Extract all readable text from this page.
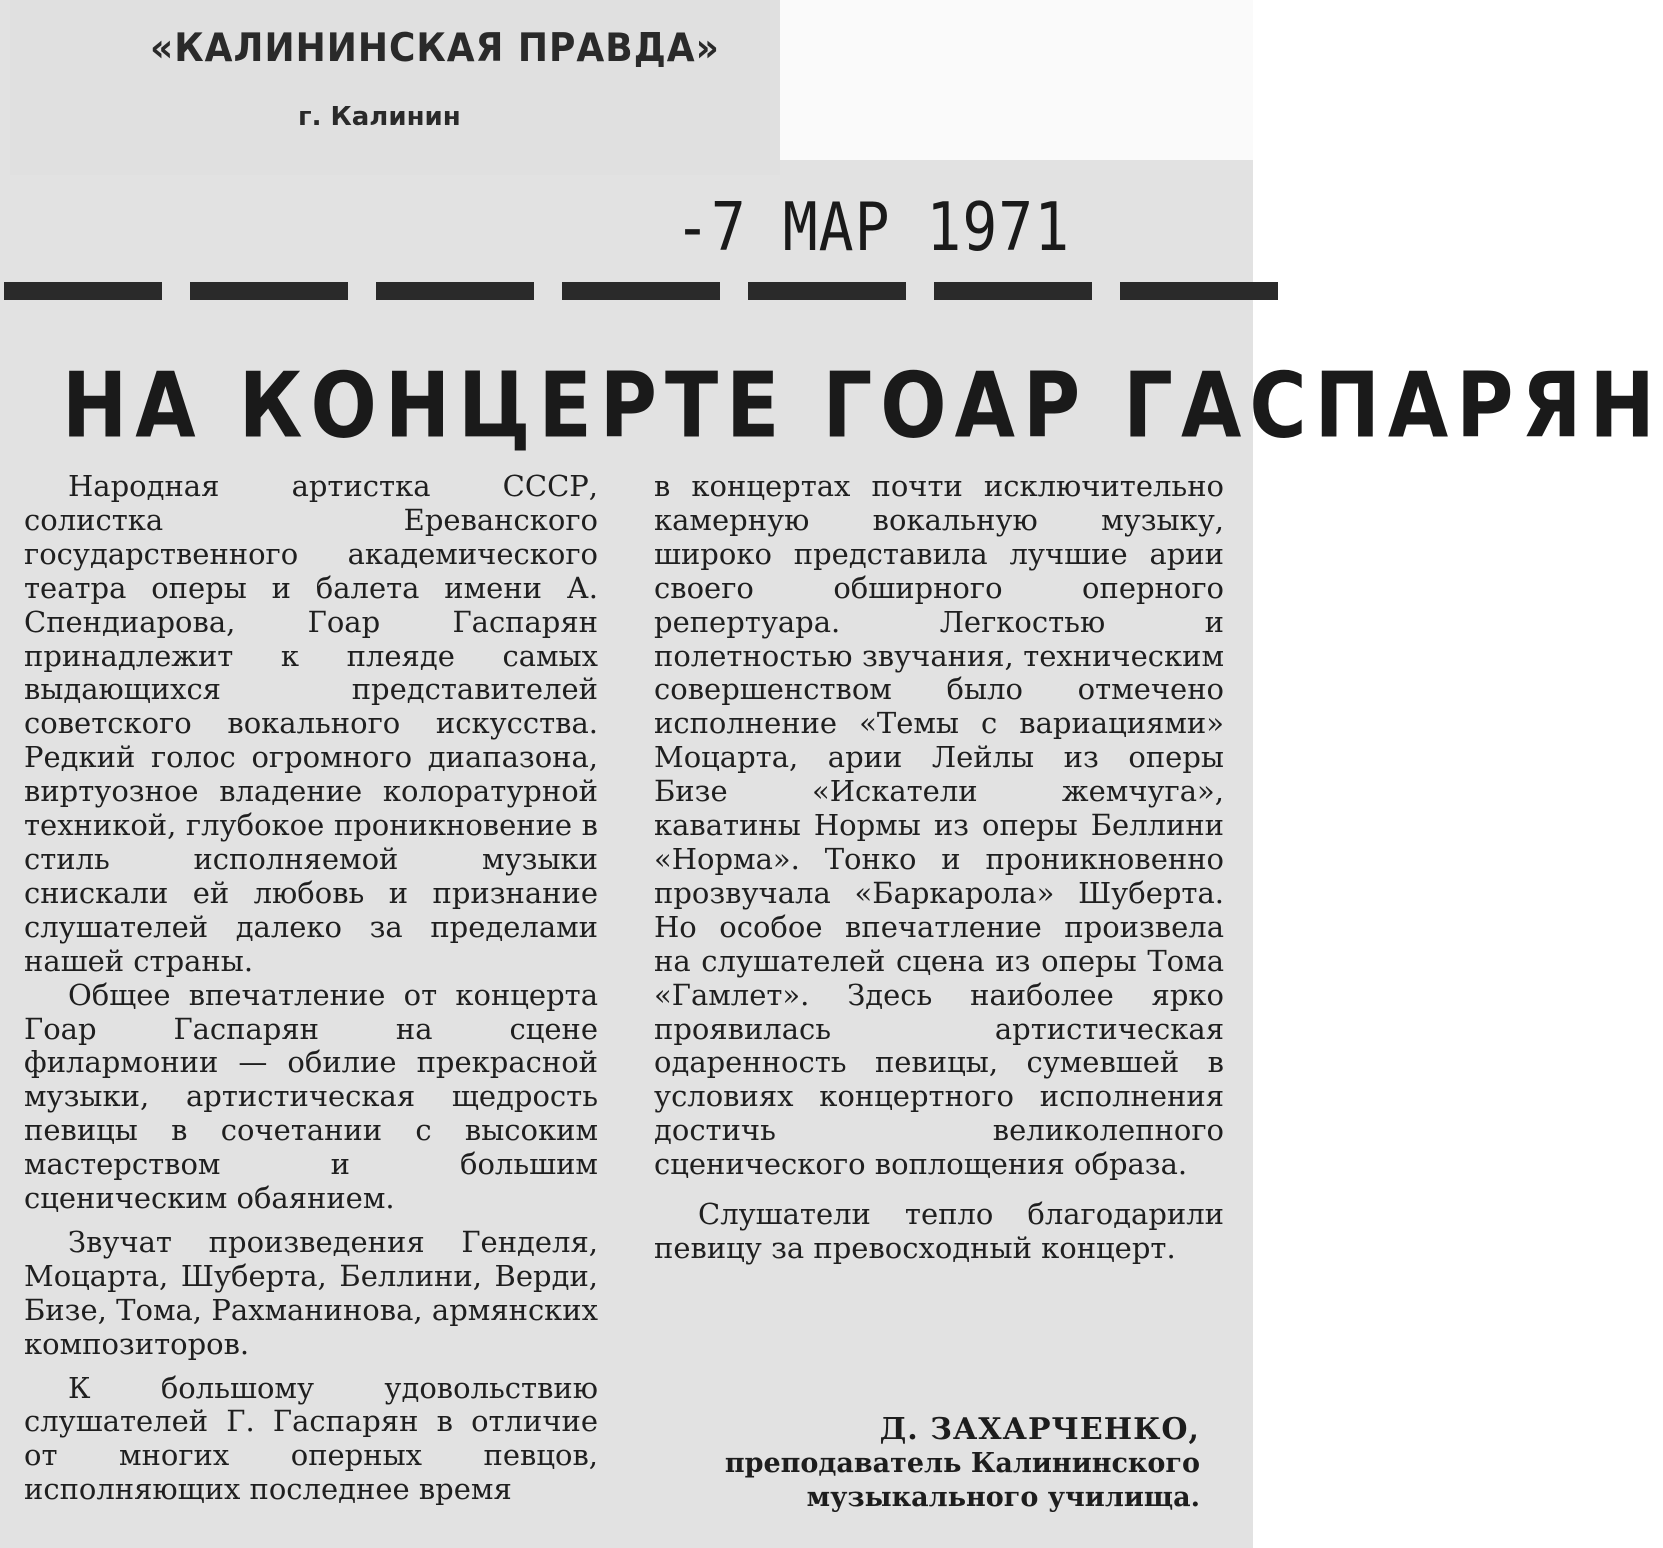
«КАЛИНИНСКАЯ ПРАВДА»
г. Калинин
-7 МАР 1971
НА КОНЦЕРТЕ ГОАР ГАСПАРЯН

Народная артистка СССР, солистка Ереванского государственного академического театра оперы и балета имени А. Спендиарова, Гоар Гаспарян принадлежит к плеяде самых выдающихся представителей советского вокального искусства. Редкий голос огромного диапазона, виртуозное владение колоратурной техникой, глубокое проникновение в стиль исполняемой музыки снискали ей любовь и признание слушателей далеко за пределами нашей страны.

Общее впечатление от концерта Гоар Гаспарян на сцене филармонии — обилие прекрасной музыки, артистическая щедрость певицы в сочетании с высоким мастерством и большим сценическим обаянием.

Звучат произведения Генделя, Моцарта, Шуберта, Беллини, Верди, Бизе, Тома, Рахманинова, армянских композиторов.

К большому удовольствию слушателей Г. Гаспарян в отличие от многих оперных певцов, исполняющих последнее время

в концертах почти исключительно камерную вокальную музыку, широко представила лучшие арии своего обширного оперного репертуара. Легкостью и полетностью звучания, техническим совершенством было отмечено исполнение «Темы с вариациями» Моцарта, арии Лейлы из оперы Бизе «Искатели жемчуга», каватины Нормы из оперы Беллини «Норма». Тонко и проникновенно прозвучала «Баркарола» Шуберта. Но особое впечатление произвела на слушателей сцена из оперы Тома «Гамлет». Здесь наиболее ярко проявилась артистическая одаренность певицы, сумевшей в условиях концертного исполнения достичь великолепного сценического воплощения образа.

Слушатели тепло благодарили певицу за превосходный концерт.

Д. ЗАХАРЧЕНКО,
преподаватель Калининского музыкального училища.
